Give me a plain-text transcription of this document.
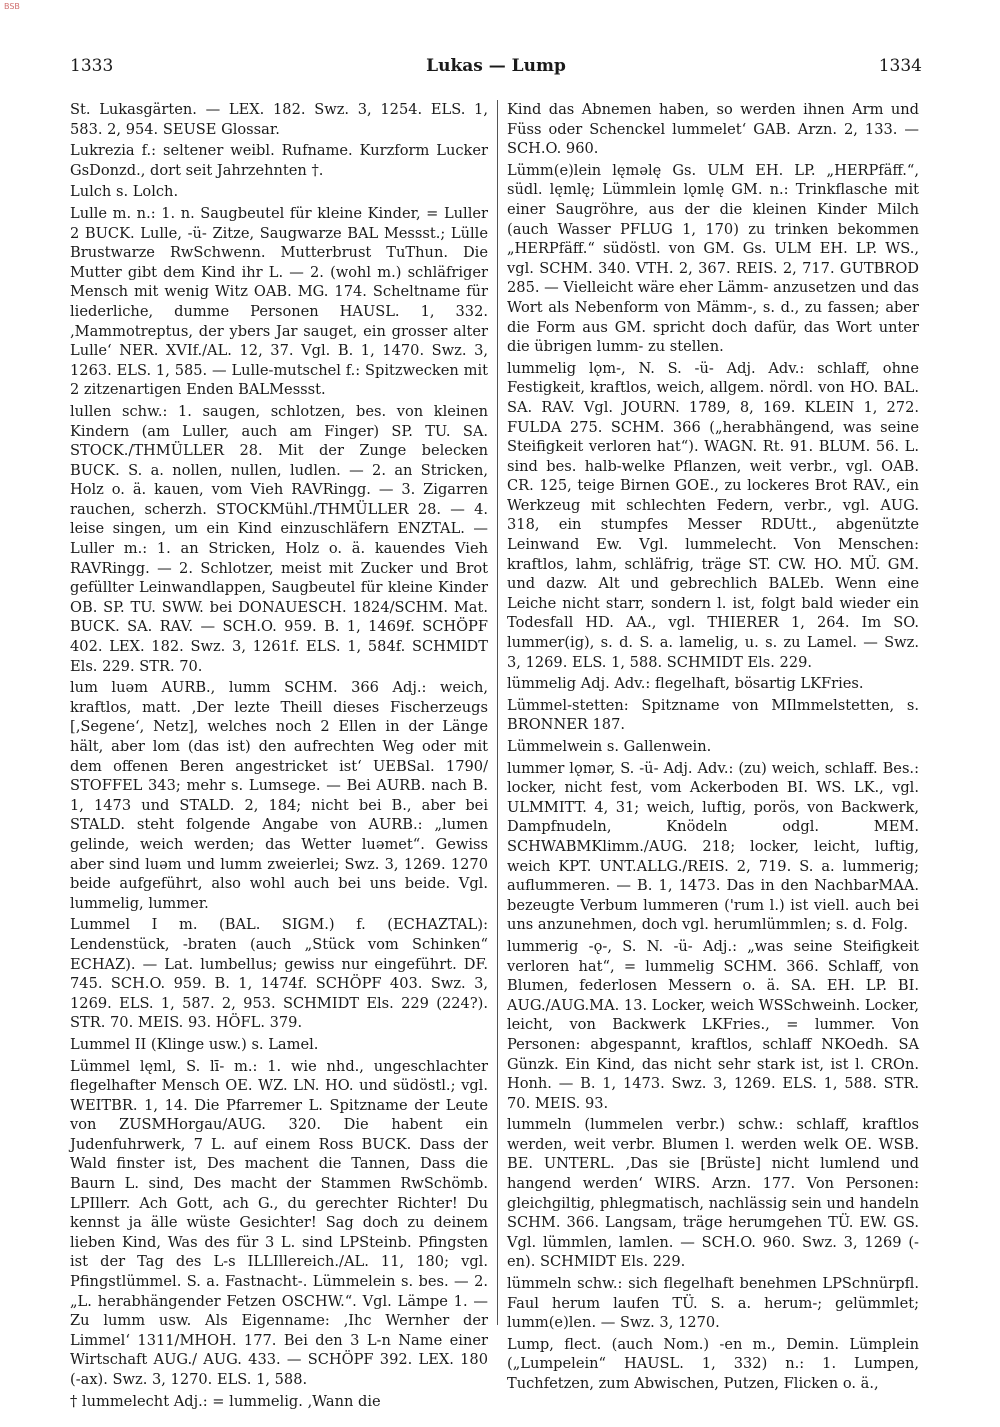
BSB
1333	Lukas — Lump	1334

St. Lukasgärten. — LEX. 182. Swz. 3, 1254. ELS. 1, 583. 2, 954. SEUSE Glossar.

Lukrezia f.: seltener weibl. Rufname. Kurzform Lucker GsDonzd., dort seit Jahrzehnten †.

Lulch s. Lolch.

Lulle m. n.: 1. n. Saugbeutel für kleine Kinder, = Luller 2 BUCK. Lulle, -ü- Zitze, Saugwarze BAL Messst.; Lülle Brustwarze RwSchwenn. Mutterbrust TuThun. Die Mutter gibt dem Kind ihr L. — 2. (wohl m.) schläfriger Mensch mit wenig Witz OAB. MG. 174. Scheltname für liederliche, dumme Personen HAUSL. 1, 332. ‚Mammotreptus, der ybers Jar sauget, ein grosser alter Lulle‘ NER. XVIf./AL. 12, 37. Vgl. B. 1, 1470. Swz. 3, 1263. ELS. 1, 585. — Lulle-mutschel f.: Spitzwecken mit 2 zitzenartigen Enden BALMessst.

lullen schw.: 1. saugen, schlotzen, bes. von kleinen Kindern (am Luller, auch am Finger) SP. TU. SA. STOCK./THMÜLLER 28. Mit der Zunge belecken BUCK. S. a. nollen, nullen, ludlen. — 2. an Stricken, Holz o. ä. kauen, vom Vieh RAVRingg. — 3. Zigarren rauchen, scherzh. STOCKMühl./THMÜLLER 28. — 4. leise singen, um ein Kind einzuschläfern ENZTAL. — Luller m.: 1. an Stricken, Holz o. ä. kauendes Vieh RAVRingg. — 2. Schlotzer, meist mit Zucker und Brot gefüllter Leinwandlappen, Saugbeutel für kleine Kinder OB. SP. TU. SWW. bei DONAUESCH. 1824/SCHM. Mat. BUCK. SA. RAV. — SCH.O. 959. B. 1, 1469f. SCHÖPF 402. LEX. 182. Swz. 3, 1261f. ELS. 1, 584f. SCHMIDT Els. 229. STR. 70.

lum luəm AURB., lumm SCHM. 366 Adj.: weich, kraftlos, matt. ‚Der lezte Theill dieses Fischerzeugs [‚Segene‘, Netz], welches noch 2 Ellen in der Länge hält, aber lom (das ist) den aufrechten Weg oder mit dem offenen Beren angestricket ist‘ UEBSal. 1790/ STOFFEL 343; mehr s. Lumsege. — Bei AURB. nach B. 1, 1473 und STALD. 2, 184; nicht bei B., aber bei STALD. steht folgende Angabe von AURB.: „lumen gelinde, weich werden; das Wetter luəmet“. Gewiss aber sind luəm und lumm zweierlei; Swz. 3, 1269. 1270 beide aufgeführt, also wohl auch bei uns beide. Vgl. lummelig, lummer.

Lummel I m. (BAL. SIGM.) f. (ECHAZTAL): Lendenstück, -braten (auch „Stück vom Schinken“ ECHAZ). — Lat. lumbellus; gewiss nur eingeführt. DF. 745. SCH.O. 959. B. 1, 1474f. SCHÖPF 403. Swz. 3, 1269. ELS. 1, 587. 2, 953. SCHMIDT Els. 229 (224?). STR. 70. MEIS. 93. HÖFL. 379.

Lummel II (Klinge usw.) s. Lamel.

Lümmel lęml, S. lī- m.: 1. wie nhd., ungeschlachter flegelhafter Mensch OE. WZ. LN. HO. und südöstl.; vgl. WEITBR. 1, 14. Die Pfarremer L. Spitzname der Leute von ZUSMHorgau/AUG. 320. Die habent ein Judenfuhrwerk, 7 L. auf einem Ross BUCK. Dass der Wald finster ist, Des machent die Tannen, Dass die Baurn L. sind, Des macht der Stammen RwSchömb. LPIllerr. Ach Gott, ach G., du gerechter Richter! Du kennst ja älle wüste Gesichter! Sag doch zu deinem lieben Kind, Was des für 3 L. sind LPSteinb. Pfingsten ist der Tag des L-s ILLIllereich./AL. 11, 180; vgl. Pfingstlümmel. S. a. Fastnacht-. Lümmelein s. bes. — 2. „L. herabhängender Fetzen OSCHW.“. Vgl. Lämpe 1. — Zu lumm usw. Als Eigenname: ‚Ihc Wernher der Limmel‘ 1311/MHOH. 177. Bei den 3 L-n Name einer Wirtschaft AUG./ AUG. 433. — SCHÖPF 392. LEX. 180 (-ax). Swz. 3, 1270. ELS. 1, 588.

† lummelecht Adj.: = lummelig. ‚Wann die

Kind das Abnemen haben, so werden ihnen Arm und Füss oder Schenckel lummelet‘ GAB. Arzn. 2, 133. — SCH.O. 960.

Lümm(e)lein lęmǝlę Gs. ULM EH. LP. „HERPfäff.“, südl. lęmlę; Lümmlein lǫmlę GM. n.: Trinkflasche mit einer Saugröhre, aus der die kleinen Kinder Milch (auch Wasser PFLUG 1, 170) zu trinken bekommen „HERPfäff.“ südöstl. von GM. Gs. ULM EH. LP. WS., vgl. SCHM. 340. VTH. 2, 367. REIS. 2, 717. GUTBROD 285. — Vielleicht wäre eher Lämm- anzusetzen und das Wort als Nebenform von Mämm-, s. d., zu fassen; aber die Form aus GM. spricht doch dafür, das Wort unter die übrigen lumm- zu stellen.

lummelig lǫm-, N. S. -ü- Adj. Adv.: schlaff, ohne Festigkeit, kraftlos, weich, allgem. nördl. von HO. BAL. SA. RAV. Vgl. JOURN. 1789, 8, 169. KLEIN 1, 272. FULDA 275. SCHM. 366 („herabhängend, was seine Steifigkeit verloren hat“). WAGN. Rt. 91. BLUM. 56. L. sind bes. halb-welke Pflanzen, weit verbr., vgl. OAB. CR. 125, teige Birnen GOE., zu lockeres Brot RAV., ein Werkzeug mit schlechten Federn, verbr., vgl. AUG. 318, ein stumpfes Messer RDUtt., abgenützte Leinwand Ew. Vgl. lummelecht. Von Menschen: kraftlos, lahm, schläfrig, träge ST. CW. HO. MÜ. GM. und dazw. Alt und gebrechlich BALEb. Wenn eine Leiche nicht starr, sondern l. ist, folgt bald wieder ein Todesfall HD. AA., vgl. THIERER 1, 264. Im SO. lummer(ig), s. d. S. a. lamelig, u. s. zu Lamel. — Swz. 3, 1269. ELS. 1, 588. SCHMIDT Els. 229.

lümmelig Adj. Adv.: flegelhaft, bösartig LKFries.

Lümmel-stetten: Spitzname von MIlmmelstetten, s. BRONNER 187.

Lümmelwein s. Gallenwein.

lummer lǫmər, S. -ü- Adj. Adv.: (zu) weich, schlaff. Bes.: locker, nicht fest, vom Ackerboden BI. WS. LK., vgl. ULMMITT. 4, 31; weich, luftig, porös, von Backwerk, Dampfnudeln, Knödeln odgl. MEM. SCHWABMKlimm./AUG. 218; locker, leicht, luftig, weich KPT. UNT.ALLG./REIS. 2, 719. S. a. lummerig; auflummeren. — B. 1, 1473. Das in den NachbarMAA. bezeugte Verbum lummeren ('rum l.) ist viell. auch bei uns anzunehmen, doch vgl. herumlümmlen; s. d. Folg.

lummerig -ǫ-, S. N. -ü- Adj.: „was seine Steifigkeit verloren hat“, = lummelig SCHM. 366. Schlaff, von Blumen, federlosen Messern o. ä. SA. EH. LP. BI. AUG./AUG.MA. 13. Locker, weich WSSchweinh. Locker, leicht, von Backwerk LKFries., = lummer. Von Personen: abgespannt, kraftlos, schlaff NKOedh. SA Günzk. Ein Kind, das nicht sehr stark ist, ist l. CROn. Honh. — B. 1, 1473. Swz. 3, 1269. ELS. 1, 588. STR. 70. MEIS. 93.

lummeln (lummelen verbr.) schw.: schlaff, kraftlos werden, weit verbr. Blumen l. werden welk OE. WSB. BE. UNTERL. ‚Das sie [Brüste] nicht lumlend und hangend werden‘ WIRS. Arzn. 177. Von Personen: gleichgiltig, phlegmatisch, nachlässig sein und handeln SCHM. 366. Langsam, träge herumgehen TÜ. EW. GS. Vgl. lümmlen, lamlen. — SCH.O. 960. Swz. 3, 1269 (-en). SCHMIDT Els. 229.

lümmeln schw.: sich flegelhaft benehmen LPSchnürpfl. Faul herum laufen TÜ. S. a. herum-; gelümmlet; lumm(e)len. — Swz. 3, 1270.

Lump, flect. (auch Nom.) -en m., Demin. Lümplein („Lumpelein“ HAUSL. 1, 332) n.: 1. Lumpen, Tuchfetzen, zum Abwischen, Putzen, Flicken o. ä.,
